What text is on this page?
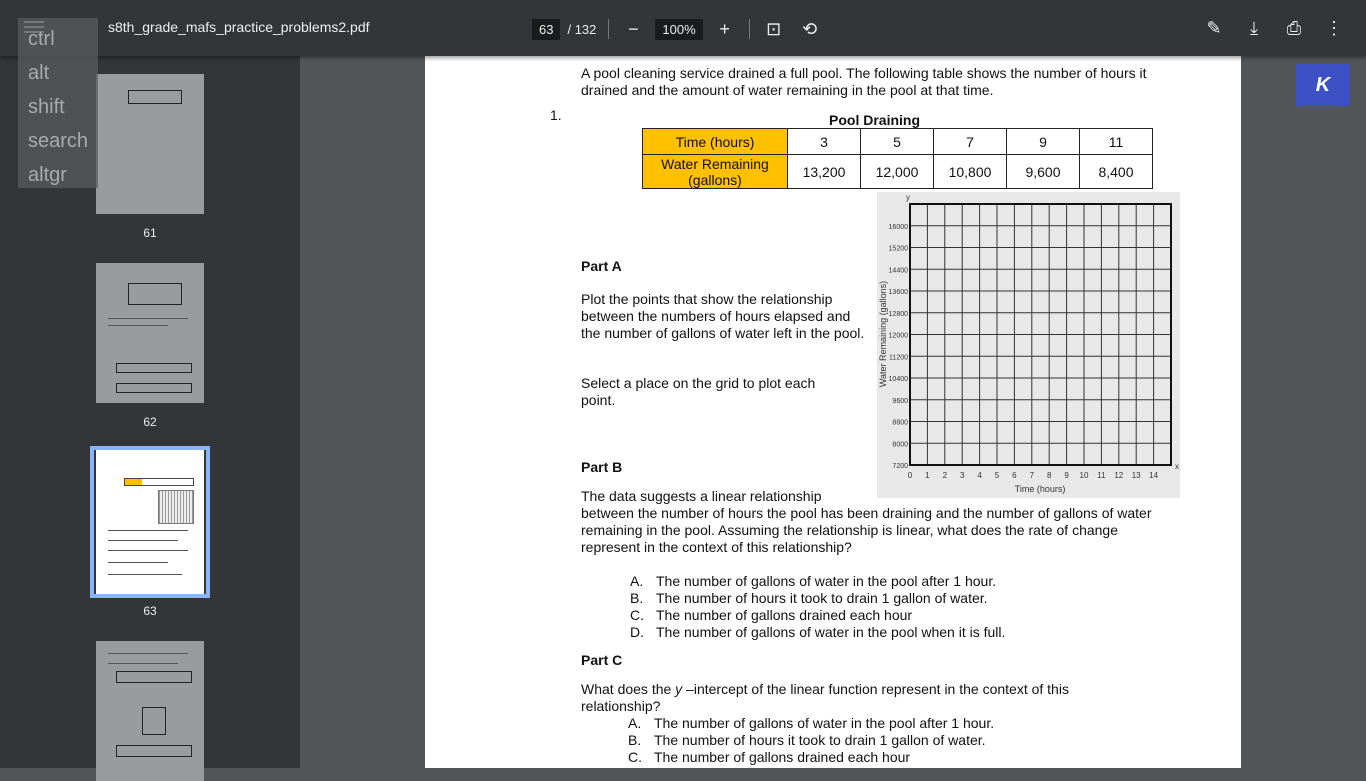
s8th_grade_mafs_practice_problems2.pdf	63	/ 132	−	100%	+	⊡ ⟲	✎	⤓	⎙ ⋮
ctrl
alt
shift
search
altgr
61
62
63
K
A pool cleaning service drained a full pool. The following table shows the number of hours it drained and the amount of water remaining in the pool at that time.
1.	Pool Draining
Time (hours)	3	5	7	9	11
Water Remaining (gallons)	13,200	12,000	10,800	9,600	8,400
0 1 2 3 4 5 6 7 8 9 10 11 12 13 14
7200
8000
8800
9600
10400
11200
12000
12800
13600
14400
15200
16000
Time (hours)
Water Remaining (gallons)
x
y
Part A
Plot the points that show the relationship between the numbers of hours elapsed and the number of gallons of water left in the pool.
Select a place on the grid to plot each point.
Part B
The data suggests a linear relationship between the number of hours the pool has been draining and the number of gallons of water remaining in the pool. Assuming the relationship is linear, what does the rate of change represent in the context of this relationship?
A. The number of gallons of water in the pool after 1 hour.
B. The number of hours it took to drain 1 gallon of water.
C. The number of gallons drained each hour
D. The number of gallons of water in the pool when it is full.
Part C
What does the y –intercept of the linear function represent in the context of this relationship?
A. The number of gallons of water in the pool after 1 hour.
B. The number of hours it took to drain 1 gallon of water.
C. The number of gallons drained each hour
